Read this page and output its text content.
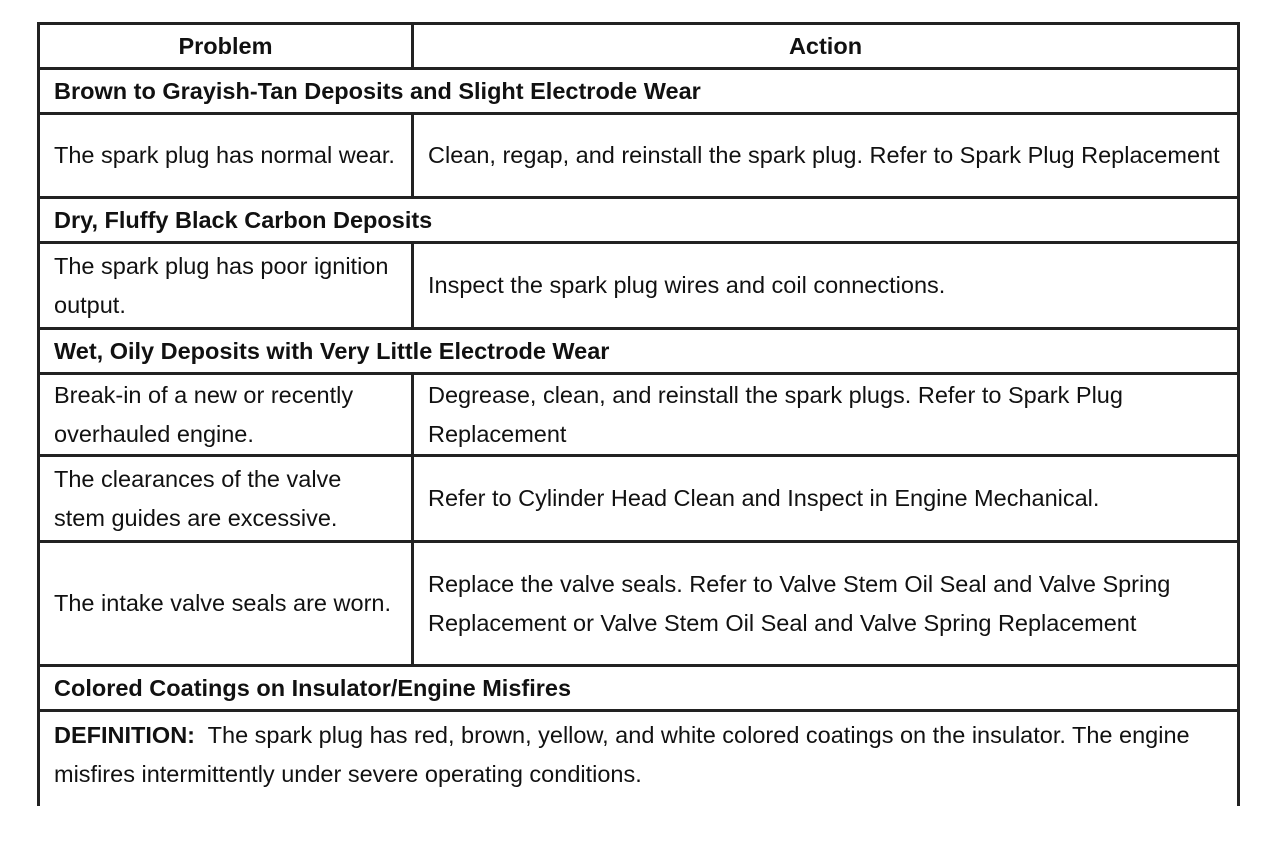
Problem	Action
Brown to Grayish-Tan Deposits and Slight Electrode Wear	
The spark plug has normal wear.	Clean, regap, and reinstall the spark plug. Refer to Spark Plug Replacement
Dry, Fluffy Black Carbon Deposits	
The spark plug has poor ignition output.	Inspect the spark plug wires and coil connections.
Wet, Oily Deposits with Very Little Electrode Wear	
Break-in of a new or recently overhauled engine.	Degrease, clean, and reinstall the spark plugs. Refer to Spark Plug Replacement
The clearances of the valve stem guides are excessive.	Refer to Cylinder Head Clean and Inspect in Engine Mechanical.
The intake valve seals are worn.	Replace the valve seals. Refer to Valve Stem Oil Seal and Valve Spring Replacement or Valve Stem Oil Seal and Valve Spring Replacement
Colored Coatings on Insulator/Engine Misfires	
DEFINITION: The spark plug has red, brown, yellow, and white colored coatings on the insulator. The engine misfires intermittently under severe operating conditions.	
